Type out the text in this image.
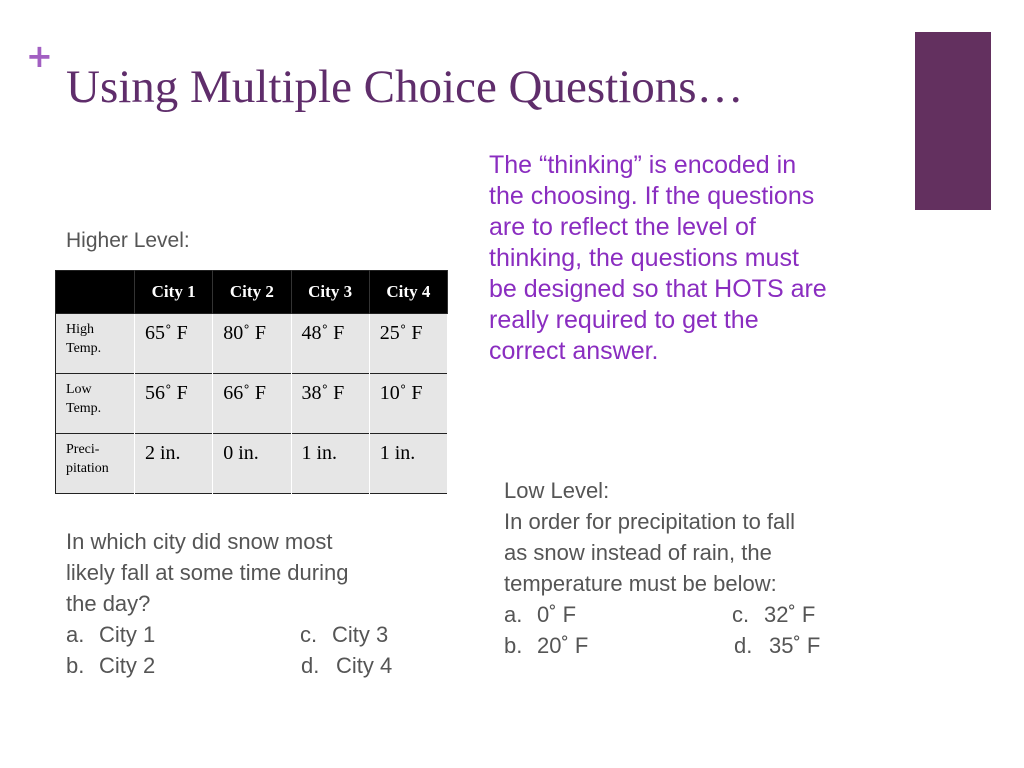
+
Using Multiple Choice Questions…
The “thinking” is encoded in
the choosing. If the questions
are to reflect the level of
thinking, the questions must
be designed so that HOTS are
really required to get the
correct answer.
Higher Level:
	City 1	City 2	City 3	City 4

High
Temp.	65˚ F	80˚ F	48˚ F	25˚ F

Low
Temp.	56˚ F	66˚ F	38˚ F	10˚ F

Preci-
pitation	2 in.	0 in.	1 in.	1 in.
In which city did snow most
likely fall at some time during
the day?
a. City 1	c. City 3
b. City 2	d. City 4
Low Level:
In order for precipitation to fall
as snow instead of rain, the
temperature must be below:
a. 0˚ F	c. 32˚ F
b. 20˚ F	d. 35˚ F
